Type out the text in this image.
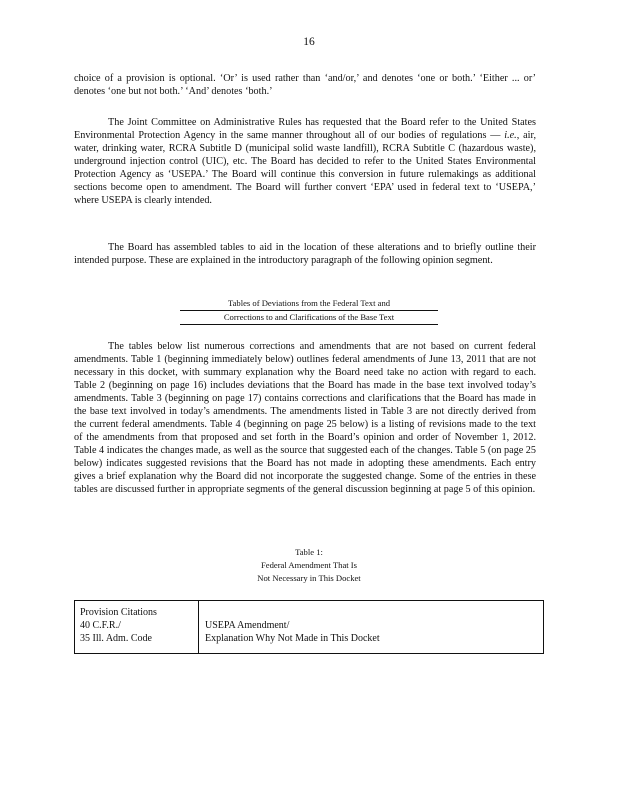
16

choice of a provision is optional. ‘Or’ is used rather than ‘and/or,’ and denotes ‘one or both.’ ‘Either ... or’ denotes ‘one but not both.’ ‘And’ denotes ‘both.’

The Joint Committee on Administrative Rules has requested that the Board refer to the United States Environmental Protection Agency in the same manner throughout all of our bodies of regulations — i.e., air, water, drinking water, RCRA Subtitle D (municipal solid waste landfill), RCRA Subtitle C (hazardous waste), underground injection control (UIC), etc. The Board has decided to refer to the United States Environmental Protection Agency as ‘USEPA.’ The Board will continue this conversion in future rulemakings as additional sections become open to amendment. The Board will further convert ‘EPA’ used in federal text to ‘USEPA,’ where USEPA is clearly intended.

The Board has assembled tables to aid in the location of these alterations and to briefly outline their intended purpose. These are explained in the introductory paragraph of the following opinion segment.

Tables of Deviations from the Federal Text and
Corrections to and Clarifications of the Base Text

The tables below list numerous corrections and amendments that are not based on current federal amendments. Table 1 (beginning immediately below) outlines federal amendments of June 13, 2011 that are not necessary in this docket, with summary explanation why the Board need take no action with regard to each. Table 2 (beginning on page 16) includes deviations that the Board has made in the base text involved today’s amendments. Table 3 (beginning on page 17) contains corrections and clarifications that the Board has made in the base text involved in today’s amendments. The amendments listed in Table 3 are not directly derived from the current federal amendments. Table 4 (beginning on page 25 below) is a listing of revisions made to the text of the amendments from that proposed and set forth in the Board’s opinion and order of November 1, 2012. Table 4 indicates the changes made, as well as the source that suggested each of the changes. Table 5 (on page 25 below) indicates suggested revisions that the Board has not made in adopting these amendments. Each entry gives a brief explanation why the Board did not incorporate the suggested change. Some of the entries in these tables are discussed further in appropriate segments of the general discussion beginning at page 5 of this opinion.

Table 1:
Federal Amendment That Is
Not Necessary in This Docket
Provision Citations
40 C.F.R./
35 Ill. Adm. Code
USEPA Amendment/
Explanation Why Not Made in This Docket
